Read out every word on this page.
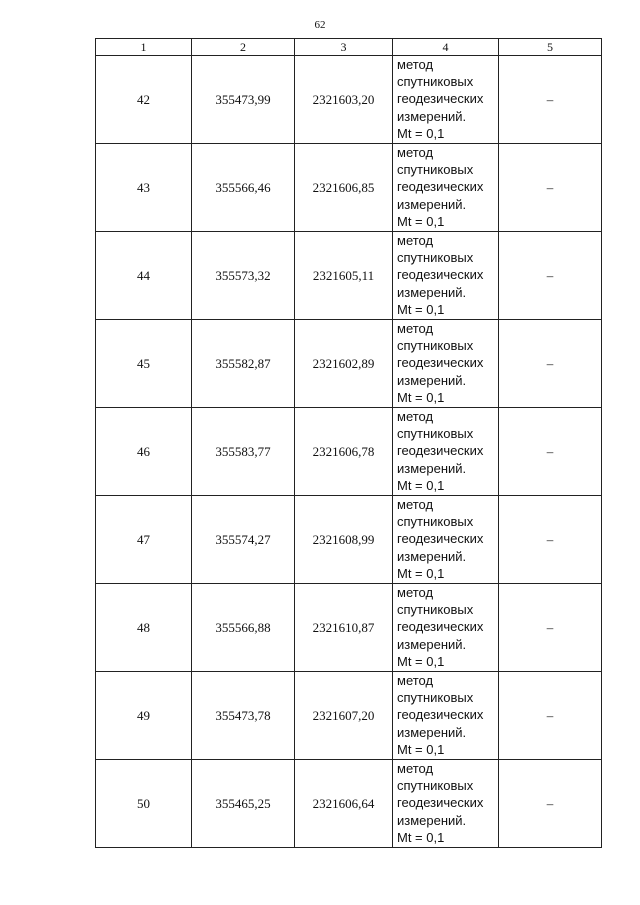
62
1	2	3	4	5
42	355473,99	2321603,20	метод
спутниковых
геодезических
измерений.
Mt = 0,1	–
43	355566,46	2321606,85	метод
спутниковых
геодезических
измерений.
Mt = 0,1	–
44	355573,32	2321605,11	метод
спутниковых
геодезических
измерений.
Mt = 0,1	–
45	355582,87	2321602,89	метод
спутниковых
геодезических
измерений.
Mt = 0,1	–
46	355583,77	2321606,78	метод
спутниковых
геодезических
измерений.
Mt = 0,1	–
47	355574,27	2321608,99	метод
спутниковых
геодезических
измерений.
Mt = 0,1	–
48	355566,88	2321610,87	метод
спутниковых
геодезических
измерений.
Mt = 0,1	–
49	355473,78	2321607,20	метод
спутниковых
геодезических
измерений.
Mt = 0,1	–
50	355465,25	2321606,64	метод
спутниковых
геодезических
измерений.
Mt = 0,1	–
